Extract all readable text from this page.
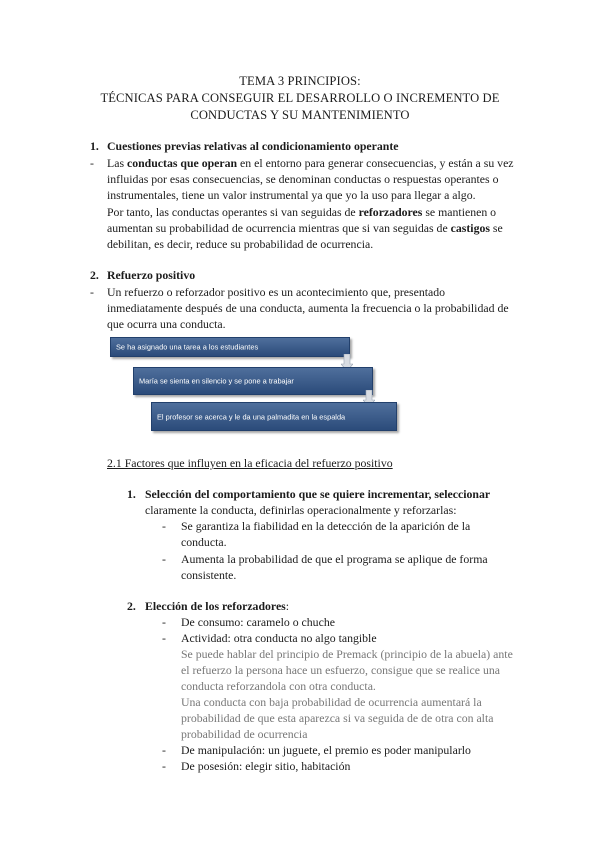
TEMA 3 PRINCIPIOS:
TÉCNICAS PARA CONSEGUIR EL DESARROLLO O INCREMENTO DE
CONDUCTAS Y SU MANTENIMIENTO
1. Cuestiones previas relativas al condicionamiento operante
- Las conductas que operan en el entorno para generar consecuencias, y están a su vez
influidas por esas consecuencias, se denominan conductas o respuestas operantes o
instrumentales, tiene un valor instrumental ya que yo la uso para llegar a algo.
Por tanto, las conductas operantes si van seguidas de reforzadores se mantienen o
aumentan su probabilidad de ocurrencia mientras que si van seguidas de castigos se
debilitan, es decir, reduce su probabilidad de ocurrencia.
2. Refuerzo positivo
- Un refuerzo o reforzador positivo es un acontecimiento que, presentado
inmediatamente después de una conducta, aumenta la frecuencia o la probabilidad de
que ocurra una conducta.
Se ha asignado una tarea a los estudiantes
María se sienta en silencio y se pone a trabajar
El profesor se acerca y le da una palmadita en la espalda
2.1 Factores que influyen en la eficacia del refuerzo positivo
1. Selección del comportamiento que se quiere incrementar, seleccionar
claramente la conducta, definirlas operacionalmente y reforzarlas:
- Se garantiza la fiabilidad en la detección de la aparición de la
conducta.
- Aumenta la probabilidad de que el programa se aplique de forma
consistente.
2. Elección de los reforzadores:
- De consumo: caramelo o chuche
- Actividad: otra conducta no algo tangible
Se puede hablar del principio de Premack (principio de la abuela) ante
el refuerzo la persona hace un esfuerzo, consigue que se realice una
conducta reforzandola con otra conducta.
Una conducta con baja probabilidad de ocurrencia aumentará la
probabilidad de que esta aparezca si va seguida de de otra con alta
probabilidad de ocurrencia
- De manipulación: un juguete, el premio es poder manipularlo
- De posesión: elegir sitio, habitación
